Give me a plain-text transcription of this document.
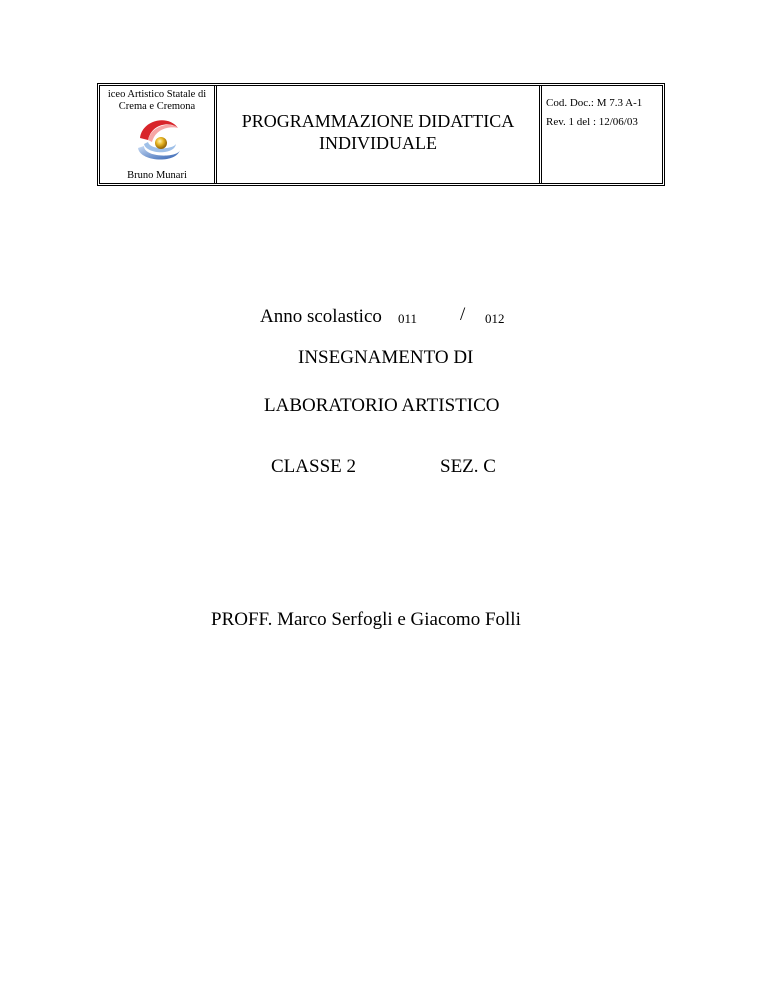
iceo Artistico Statale di Crema e Cremona
Bruno Munari
PROGRAMMAZIONE DIDATTICA
INDIVIDUALE
Cod. Doc.: M 7.3 A-1
Rev. 1 del : 12/06/03
Anno scolastico 011 / 012
INSEGNAMENTO DI
LABORATORIO ARTISTICO
CLASSE 2	SEZ. C
PROFF. Marco Serfogli e Giacomo Folli
